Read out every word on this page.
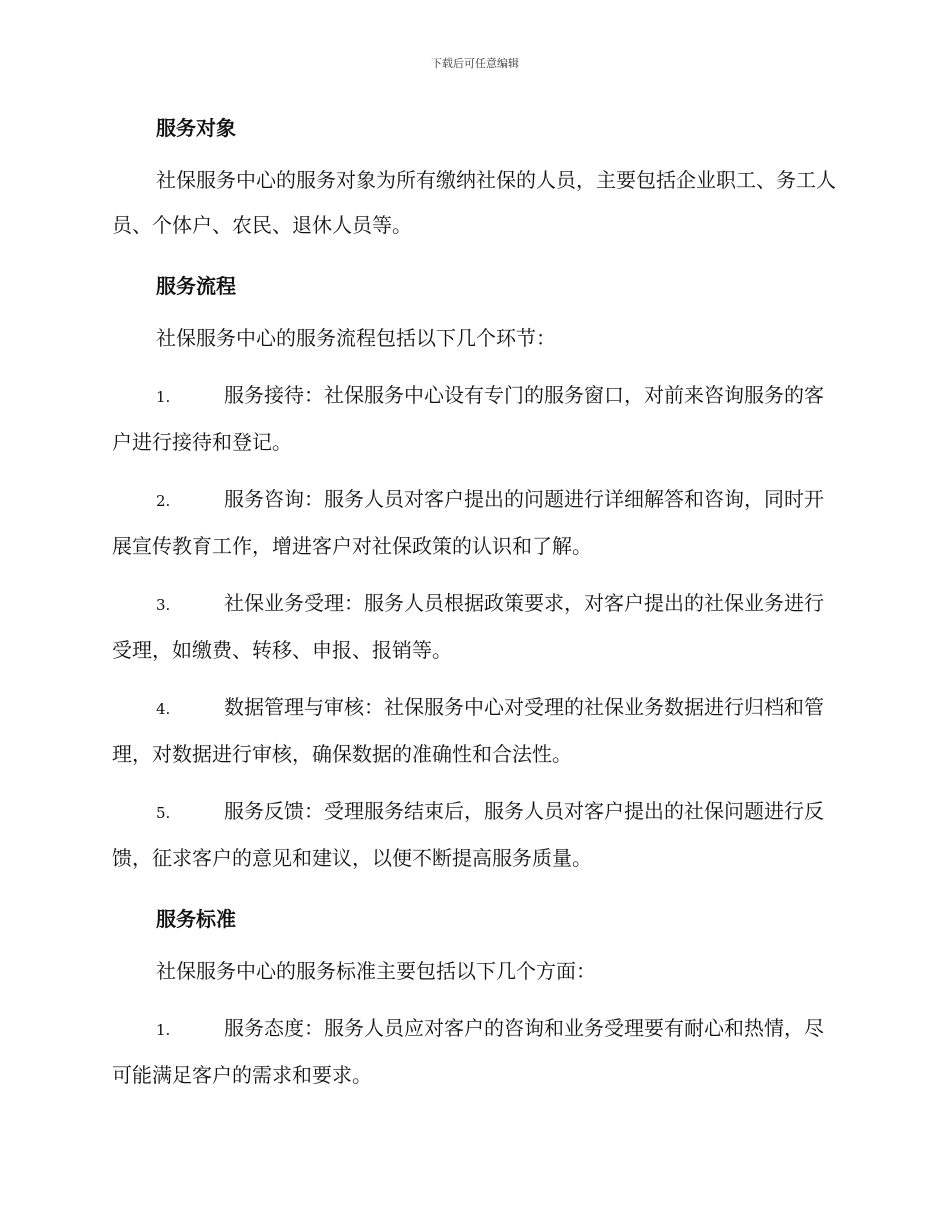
下载后可任意编辑
服务对象

社保服务中心的服务对象为所有缴纳社保的人员，主要包括企业职工、务工人员、个体户、农民、退休人员等。

服务流程

社保服务中心的服务流程包括以下几个环节：

1.	服务接待：社保服务中心设有专门的服务窗口，对前来咨询服务的客户进行接待和登记。

2.	服务咨询：服务人员对客户提出的问题进行详细解答和咨询，同时开展宣传教育工作，增进客户对社保政策的认识和了解。

3.	社保业务受理：服务人员根据政策要求，对客户提出的社保业务进行受理，如缴费、转移、申报、报销等。

4.	数据管理与审核：社保服务中心对受理的社保业务数据进行归档和管理，对数据进行审核，确保数据的准确性和合法性。

5.	服务反馈：受理服务结束后，服务人员对客户提出的社保问题进行反馈，征求客户的意见和建议，以便不断提高服务质量。

服务标准

社保服务中心的服务标准主要包括以下几个方面：

1.	服务态度：服务人员应对客户的咨询和业务受理要有耐心和热情，尽可能满足客户的需求和要求。
